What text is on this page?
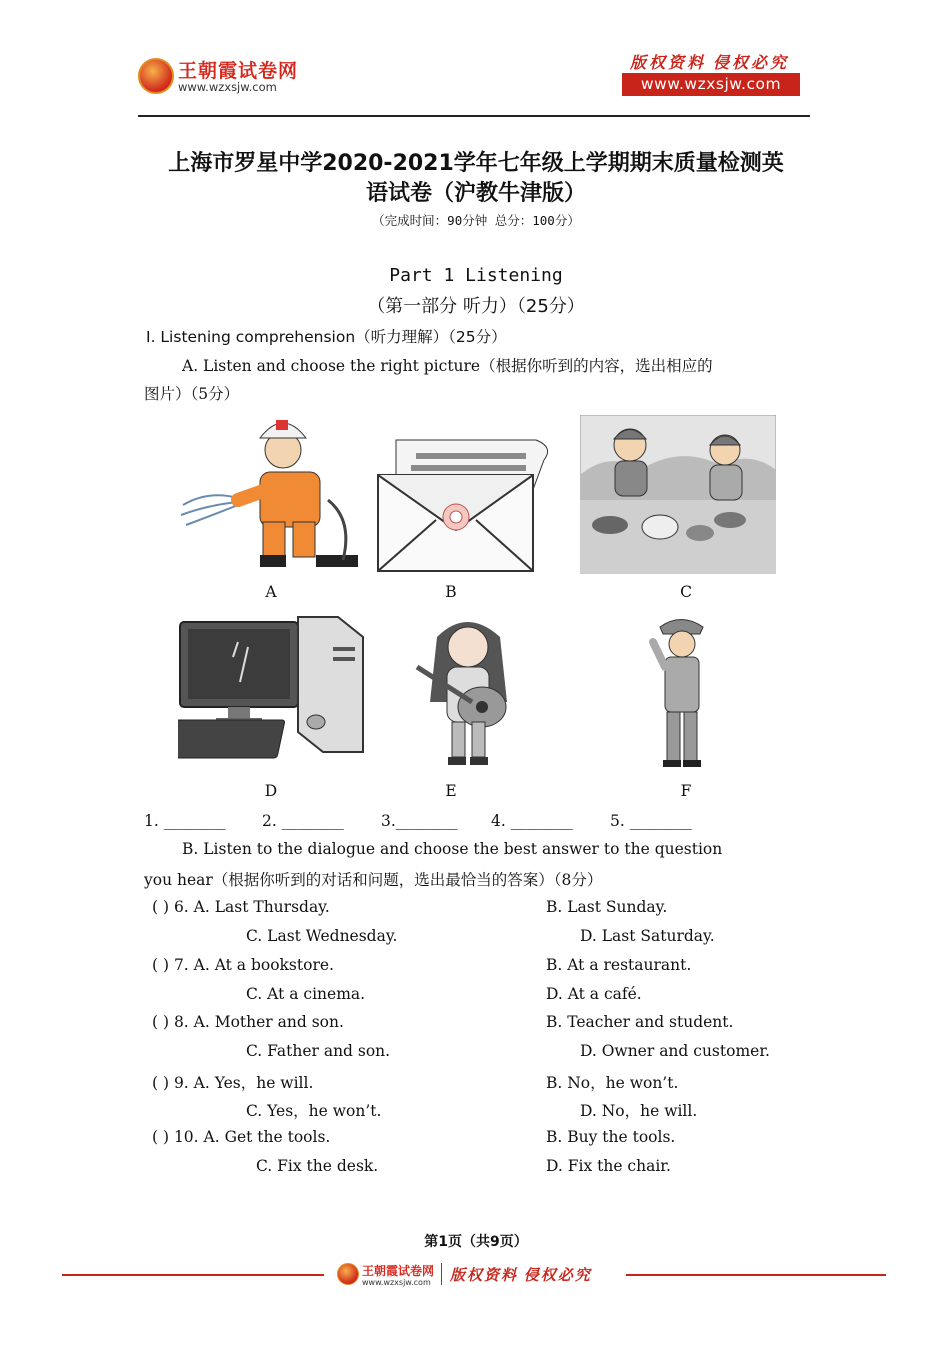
王朝霞试卷网
www.wzxsjw.com
版权资料 侵权必究
www.wzxsjw.com
上海市罗星中学2020-2021学年七年级上学期期末质量检测英
语试卷（沪教牛津版）
（完成时间：90分钟 总分：100分）
Part 1 Listening
（第一部分 听力）（25分）
Ⅰ. Listening comprehension（听力理解）（25分）
A. Listen and choose the right picture（根据你听到的内容，选出相应的
图片）（5分）
A	B	C
D	E	F
1. ________ 2. ________ 3.________ 4. ________ 5. ________
B. Listen to the dialogue and choose the best answer to the question
you hear（根据你听到的对话和问题，选出最恰当的答案）（8分）
( ) 6. A. Last Thursday.	B. Last Sunday.
C. Last Wednesday.	D. Last Saturday.
( ) 7. A. At a bookstore.	B. At a restaurant.
C. At a cinema.	D. At a café.
( ) 8. A. Mother and son.	B. Teacher and student.
C. Father and son.	D. Owner and customer.
( ) 9. A. Yes，he will.	B. No，he won’t.
C. Yes，he won’t.	D. No，he will.
( ) 10. A. Get the tools.	B. Buy the tools.
C. Fix the desk.	D. Fix the chair.
第1页（共9页）
王朝霞试卷网
www.wzxsjw.com 版权资料 侵权必究
